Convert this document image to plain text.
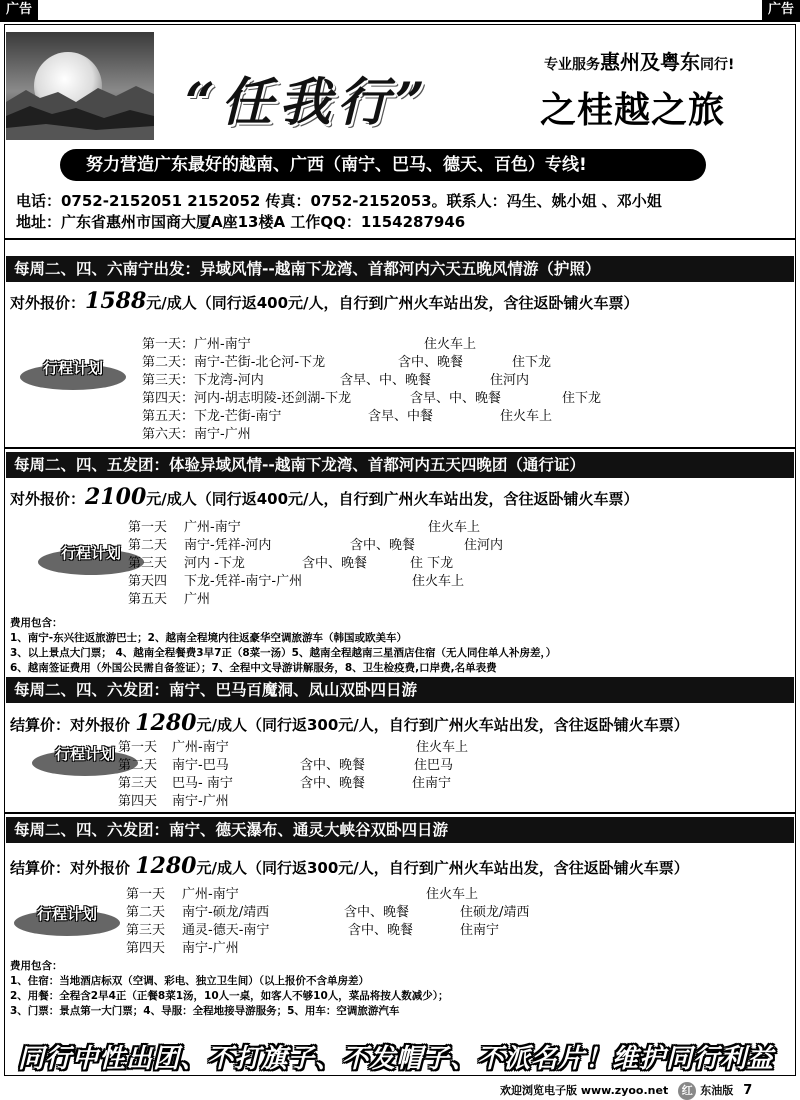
广告	广告
“任我行”
专业服务惠州及粤东同行!
之桂越之旅
努力营造广东最好的越南、广西（南宁、巴马、德天、百色）专线!
电话：0752-2152051 2152052 传真：0752-2152053。联系人：冯生、姚小姐 、邓小姐
地址：广东省惠州市国商大厦A座13楼A 工作QQ：1154287946
每周二、四、六南宁出发：异域风情--越南下龙湾、首都河内六天五晚风情游（护照）
对外报价：1588元/成人（同行返400元/人，自行到广州火车站出发，含往返卧铺火车票）
行程计划
第一天： 广州-南宁	住火车上
第二天： 南宁-芒街-北仑河-下龙	含中、晚餐	住下龙
第三天： 下龙湾-河内	含早、中、晚餐	住河内
第四天： 河内-胡志明陵-还剑湖-下龙	含早、中、晚餐	住下龙
第五天： 下龙-芒街-南宁	含早、中餐	住火车上
第六天： 南宁-广州
每周二、四、五发团：体验异域风情--越南下龙湾、首都河内五天四晚团（通行证）
对外报价：2100元/成人（同行返400元/人，自行到广州火车站出发，含往返卧铺火车票）
行程计划
第一天 广州-南宁	住火车上
第二天 南宁-凭祥-河内	含中、晚餐	住河内
第三天 河内 -下龙	含中、晚餐	住 下龙
第天四 下龙-凭祥-南宁-广州	住火车上
第五天 广州
费用包含：
1、南宁-东兴往返旅游巴士；2、越南全程境内往返豪华空调旅游车（韩国或欧美车）
3、以上景点大门票； 4、越南全程餐费3早7正（8菜一汤）5、越南全程越南三星酒店住宿（无人同住单人补房差，）
6、越南签证费用（外国公民需自备签证）；7、全程中文导游讲解服务，8、卫生检疫费,口岸费,名单表费
每周二、四、六发团：南宁、巴马百魔洞、凤山双卧四日游
结算价：对外报价 1280元/成人（同行返300元/人，自行到广州火车站出发，含往返卧铺火车票）
行程计划 第一天 广州-南宁	住火车上
第二天 南宁-巴马	含中、晚餐	住巴马
第三天 巴马- 南宁	含中、晚餐	住南宁
第四天 南宁-广州
每周二、四、六发团：南宁、德天瀑布、通灵大峡谷双卧四日游
结算价：对外报价 1280元/成人（同行返300元/人，自行到广州火车站出发，含往返卧铺火车票）
行程计划
第一天 广州-南宁	住火车上
第二天 南宁-硕龙/靖西	含中、晚餐	住硕龙/靖西
第三天 通灵-德天-南宁	含中、晚餐	住南宁
第四天 南宁-广州
费用包含：
1、住宿：当地酒店标双（空调、彩电、独立卫生间）（以上报价不含单房差）
2、用餐：全程含2早4正（正餐8菜1汤，10人一桌，如客人不够10人，菜品将按人数减少）；
3、门票：景点第一大门票；4、导服：全程地接导游服务；5、用车：空调旅游汽车
同行中性出团、不打旗子、不发帽子、不派名片！维护同行利益
欢迎浏览电子版 www.zyoo.net 红 东油版 7
